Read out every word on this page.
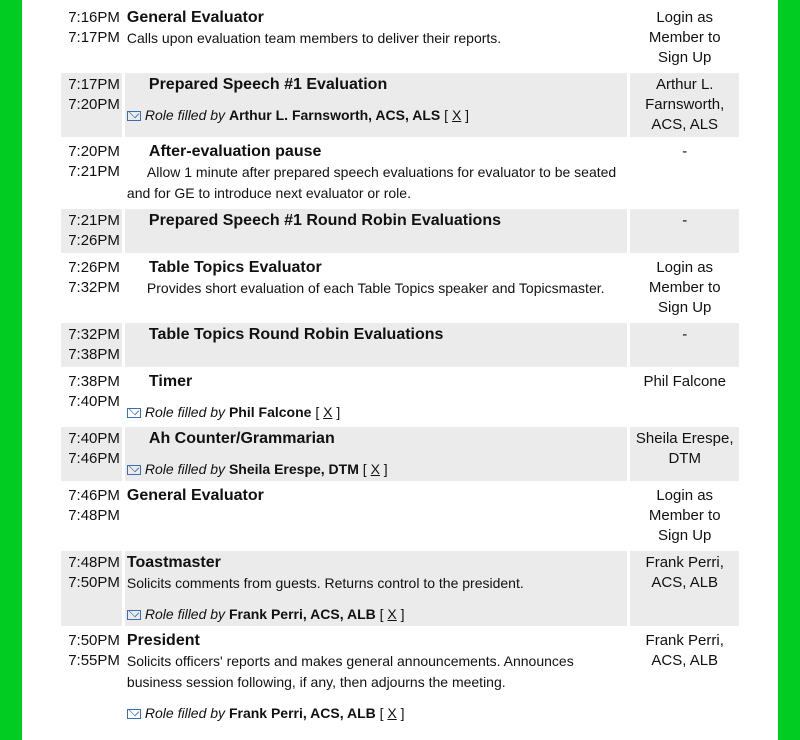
7:16PM
7:17PM	General Evaluator
Calls upon evaluation team members to deliver their reports.	Login as Member to Sign Up

7:17PM
7:20PM	Prepared Speech #1 Evaluation
Role filled by Arthur L. Farnsworth, ACS, ALS [ X ]	Arthur L. Farnsworth, ACS, ALS

7:20PM
7:21PM	After-evaluation pause
Allow 1 minute after prepared speech evaluations for evaluator to be seated and for GE to introduce next evaluator or role.	-

7:21PM
7:26PM	Prepared Speech #1 Round Robin Evaluations	-

7:26PM
7:32PM	Table Topics Evaluator
Provides short evaluation of each Table Topics speaker and Topicsmaster.	Login as Member to Sign Up

7:32PM
7:38PM	Table Topics Round Robin Evaluations	-

7:38PM
7:40PM	Timer
Role filled by Phil Falcone [ X ]	Phil Falcone

7:40PM
7:46PM	Ah Counter/Grammarian
Role filled by Sheila Erespe, DTM [ X ]	Sheila Erespe, DTM

7:46PM
7:48PM	General Evaluator	Login as Member to Sign Up

7:48PM
7:50PM	Toastmaster
Solicits comments from guests. Returns control to the president.
Role filled by Frank Perri, ACS, ALB [ X ]	Frank Perri, ACS, ALB

7:50PM
7:55PM	President
Solicits officers' reports and makes general announcements. Announces business session following, if any, then adjourns the meeting.
Role filled by Frank Perri, ACS, ALB [ X ]	Frank Perri, ACS, ALB
